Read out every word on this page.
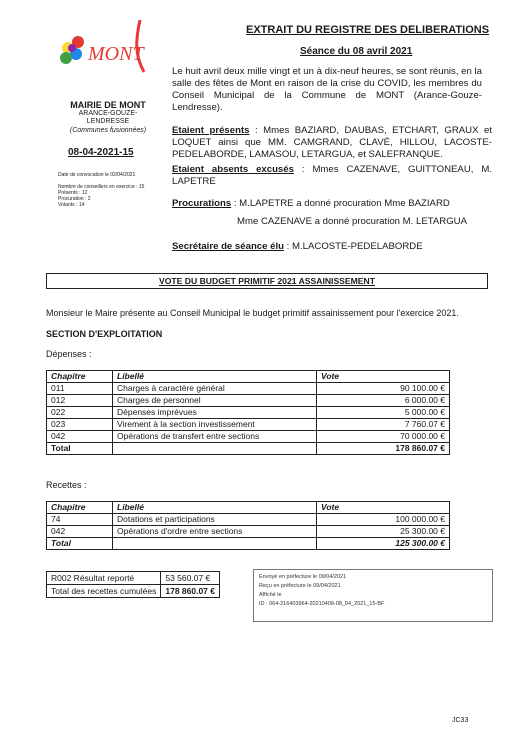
MONT
EXTRAIT DU REGISTRE DES DELIBERATIONS
Séance du 08 avril 2021
Le huit avril deux mille vingt et un à dix-neuf heures, se sont réunis, en la salle des fêtes de Mont en raison de la crise du COVID, les membres du Conseil Municipal de la Commune de MONT (Arance-Gouze-Lendresse).
MAIRIE DE MONT
ARANCE-GOUZE-LENDRESSE
(Communes fusionnées)
08-04-2021-15
Date de convocation le 02/04/2021
Nombre de conseillers en exercice : 15
Présents : 12
Procuration : 2
Votants : 14
Etaient présents : Mmes BAZIARD, DAUBAS, ETCHART, GRAUX et LOQUET ainsi que MM. CAMGRAND, CLAVÉ, HILLOU, LACOSTE-PEDELABORDE, LAMASOU, LETARGUA, et SALEFRANQUE.
Etaient absents excusés : Mmes CAZENAVE, GUITTONEAU, M. LAPETRE
Procurations : M.LAPETRE a donné procuration Mme BAZIARD
Mme CAZENAVE a donné procuration M. LETARGUA
Secrétaire de séance élu : M.LACOSTE-PEDELABORDE
VOTE DU BUDGET PRIMITIF 2021 ASSAINISSEMENT
Monsieur le Maire présente au Conseil Municipal le budget primitif assainissement pour l'exercice 2021.
SECTION D'EXPLOITATION
Dépenses :
Chapitre	Libellé	Vote
011	Charges à caractère général	90 100.00 €
012	Charges de personnel	6 000.00 €
022	Dépenses imprévues	5 000.00 €
023	Virement à la section investissement	7 760.07 €
042	Opérations de transfert entre sections	70 000.00 €
Total		178 860.07 €
Recettes :
Chapitre	Libellé	Vote
74	Dotations et participations	100 000.00 €
042	Opérations d'ordre entre sections	25 300.00 €
Total		125 300.00 €
R002 Résultat reporté	53 560.07 €
Total des recettes cumulées	178 860.07 €
Envoyé en préfecture le 09/04/2021
Reçu en préfecture le 09/04/2021
Affiché le
ID : 064-216403964-20210408-08_04_2021_15-BF
JC33
